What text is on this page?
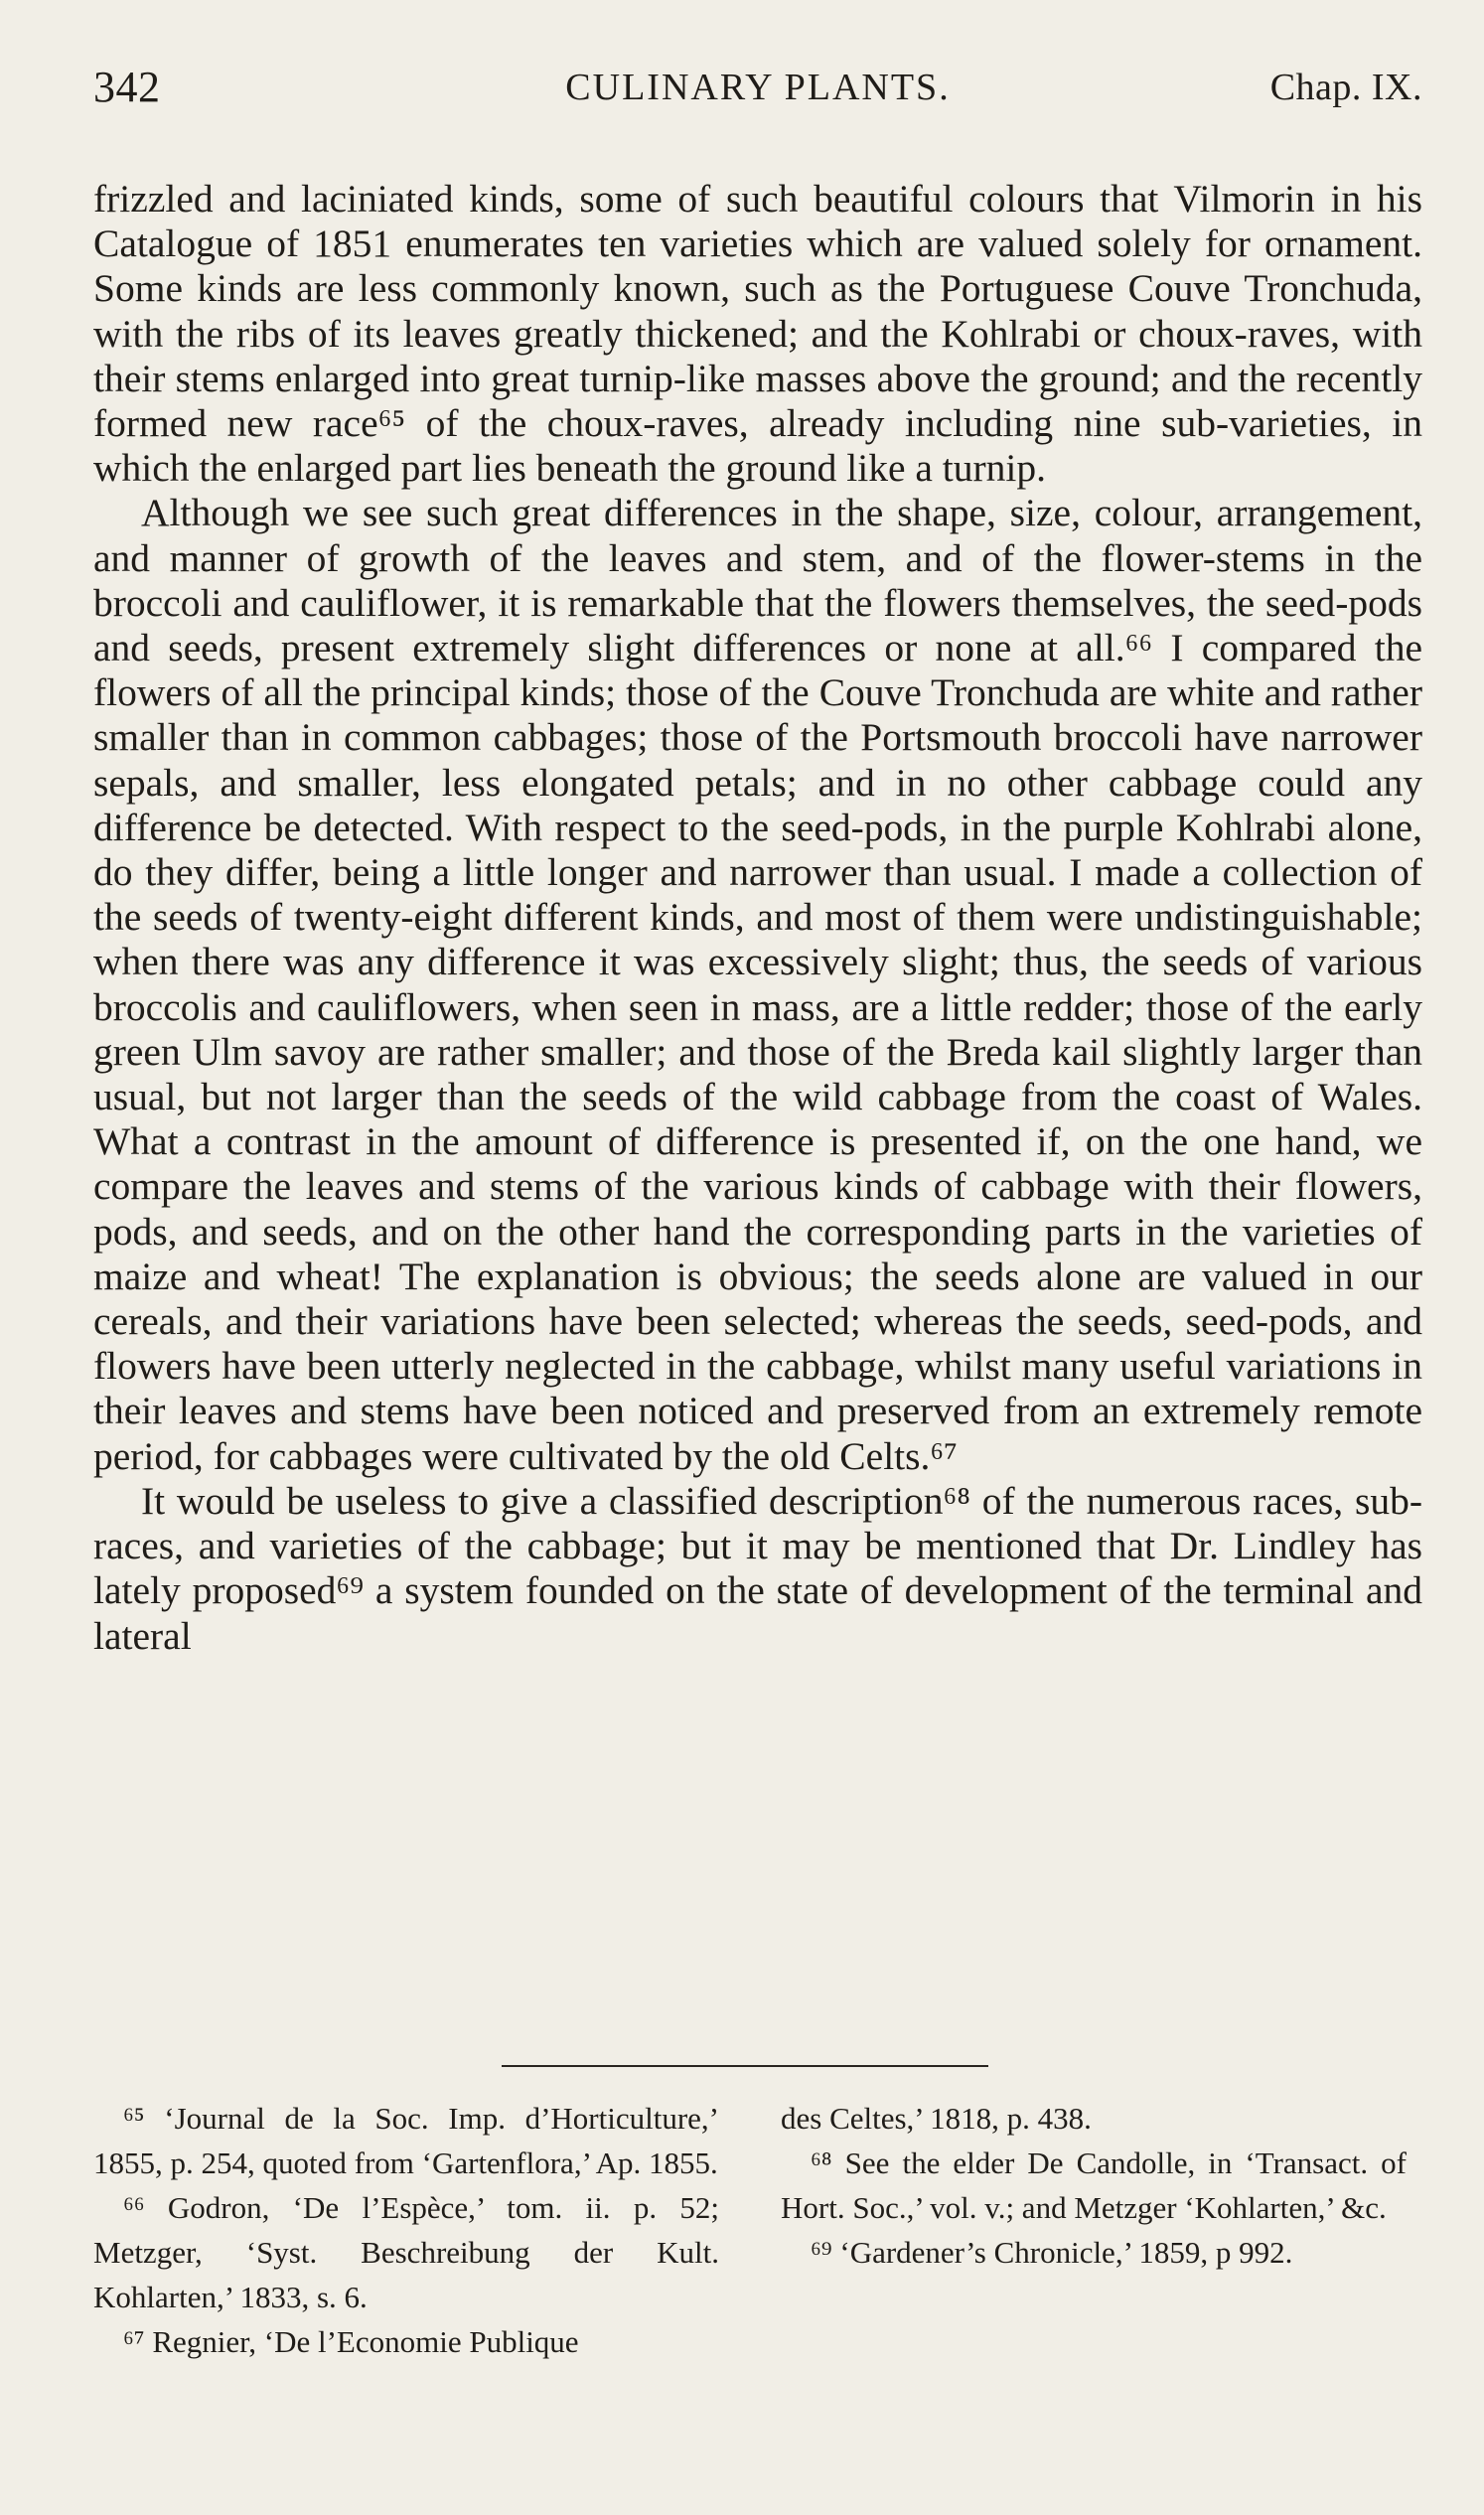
342	CULINARY PLANTS.	Chap. IX.

frizzled and laciniated kinds, some of such beautiful colours that Vilmorin in his Catalogue of 1851 enumerates ten varieties which are valued solely for ornament. Some kinds are less commonly known, such as the Portuguese Couve Tronchuda, with the ribs of its leaves greatly thickened; and the Kohlrabi or choux-raves, with their stems enlarged into great turnip-like masses above the ground; and the recently formed new race⁶⁵ of the choux-raves, already including nine sub-varieties, in which the enlarged part lies beneath the ground like a turnip.

Although we see such great differences in the shape, size, colour, arrangement, and manner of growth of the leaves and stem, and of the flower-stems in the broccoli and cauliflower, it is remarkable that the flowers themselves, the seed-pods and seeds, present extremely slight differences or none at all.⁶⁶ I compared the flowers of all the principal kinds; those of the Couve Tronchuda are white and rather smaller than in common cabbages; those of the Portsmouth broccoli have narrower sepals, and smaller, less elongated petals; and in no other cabbage could any difference be detected. With respect to the seed-pods, in the purple Kohlrabi alone, do they differ, being a little longer and narrower than usual. I made a collection of the seeds of twenty-eight different kinds, and most of them were undistinguishable; when there was any difference it was excessively slight; thus, the seeds of various broccolis and cauliflowers, when seen in mass, are a little redder; those of the early green Ulm savoy are rather smaller; and those of the Breda kail slightly larger than usual, but not larger than the seeds of the wild cabbage from the coast of Wales. What a contrast in the amount of difference is presented if, on the one hand, we compare the leaves and stems of the various kinds of cabbage with their flowers, pods, and seeds, and on the other hand the corresponding parts in the varieties of maize and wheat! The explanation is obvious; the seeds alone are valued in our cereals, and their variations have been selected; whereas the seeds, seed-pods, and flowers have been utterly neglected in the cabbage, whilst many useful variations in their leaves and stems have been noticed and preserved from an extremely remote period, for cabbages were cultivated by the old Celts.⁶⁷

It would be useless to give a classified description⁶⁸ of the numerous races, sub-races, and varieties of the cabbage; but it may be mentioned that Dr. Lindley has lately proposed⁶⁹ a system founded on the state of development of the terminal and lateral

⁶⁵ ‘Journal de la Soc. Imp. d’Horticulture,’ 1855, p. 254, quoted from ‘Gartenflora,’ Ap. 1855.

⁶⁶ Godron, ‘De l’Espèce,’ tom. ii. p. 52; Metzger, ‘Syst. Beschreibung der Kult. Kohlarten,’ 1833, s. 6.

⁶⁷ Regnier, ‘De l’Economie Publique

des Celtes,’ 1818, p. 438.

⁶⁸ See the elder De Candolle, in ‘Transact. of Hort. Soc.,’ vol. v.; and Metzger ‘Kohlarten,’ &c.

⁶⁹ ‘Gardener’s Chronicle,’ 1859, p 992.
